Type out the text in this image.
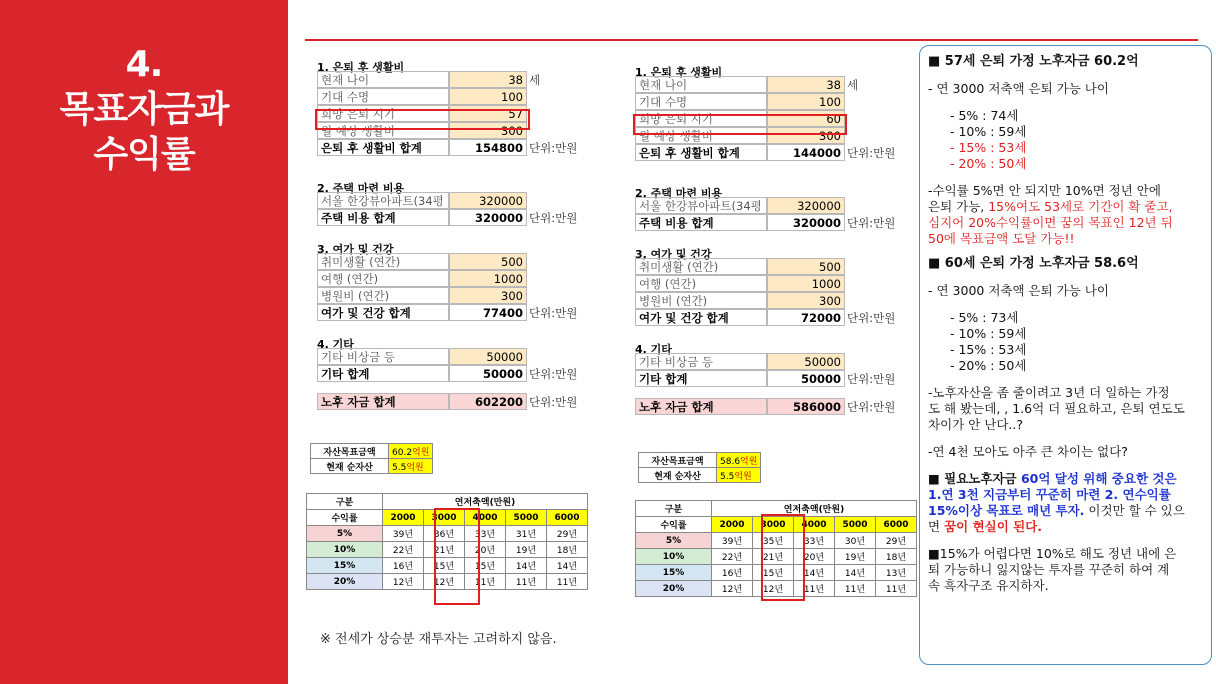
4.
목표자금과
수익률
1. 은퇴 후 생활비
현재 나이	38 세
기대 수명	100
희망 은퇴 시기	57
월 예상 생활비	300
은퇴 후 생활비 합계	154800 단위:만원
2. 주택 마련 비용
서울 한강뷰아파트(34평	320000
주택 비용 합계	320000 단위:만원
3, 여가 및 건강
취미생활 (연간)	500
여행 (연간)	1000
병원비 (연간)	300
여가 및 건강 합계	77400 단위:만원
4. 기타
기타 비상금 등	50000
기타 합계	50000 단위:만원
노후 자금 합계	602200 단위:만원
1. 은퇴 후 생활비
현재 나이	38 세
기대 수명	100
희망 은퇴 시기	60
월 예상 생활비	300
은퇴 후 생활비 합계	144000 단위:만원
2. 주택 마련 비용
서울 한강뷰아파트(34평	320000
주택 비용 합계	320000 단위:만원
3, 여가 및 건강
취미생활 (연간)	500
여행 (연간)	1000
병원비 (연간)	300
여가 및 건강 합계	72000 단위:만원
4. 기타
기타 비상금 등	50000
기타 합계	50000 단위:만원
노후 자금 합계	586000 단위:만원
구분	연저축액(만원)				
수익률	2000	3000	4000	5000	6000
5%	39년	36년	33년	31년	29년
10%	22년	21년	20년	19년	18년
15%	16년	15년	15년	14년	14년
20%	12년	12년	11년	11년	11년
구분	연저축액(만원)				
수익률	2000	3000	4000	5000	6000
5%	39년	35년	33년	30년	29년
10%	22년	21년	20년	19년	18년
15%	16년	15년	14년	14년	13년
20%	12년	12년	11년	11년	11년
※ 전세가 상승분 재투자는 고려하지 않음.
■ 57세 은퇴 가정 노후자금 60.2억
- 연 3000 저축액 은퇴 가능 나이
- 5% : 74세
- 10% : 59세
- 15% : 53세
- 20% : 50세
-수익률 5%면 안 되지만 10%면 정년 안에
은퇴 가능, 15%여도 53세로 기간이 확 줄고,
심지어 20%수익률이면 꿈의 목표인 12년 뒤
50에 목표금액 도달 가능!!
■ 60세 은퇴 가정 노후자금 58.6억
- 연 3000 저축액 은퇴 가능 나이
- 5% : 73세
- 10% : 59세
- 15% : 53세
- 20% : 50세
-노후자산을 좀 줄이려고 3년 더 일하는 가정
도 해 봤는데, , 1.6억 더 필요하고, 은퇴 연도도
차이가 안 난다..?
-연 4천 모아도 아주 큰 차이는 없다?
■ 필요노후자금 60억 달성 위해 중요한 것은
1.연 3천 지금부터 꾸준히 마련 2. 연수익률
15%이상 목표로 매년 투자. 이것만 할 수 있으
면 꿈이 현실이 된다.
■15%가 어렵다면 10%로 해도 정년 내에 은
퇴 가능하니 잃지않는 투자를 꾸준히 하여 계
속 흑자구조 유지하자.
자산목표금액	60.2억원
현재 순자산	5.5억원
자산목표금액	58.6억원
현재 순자산	5.5억원
